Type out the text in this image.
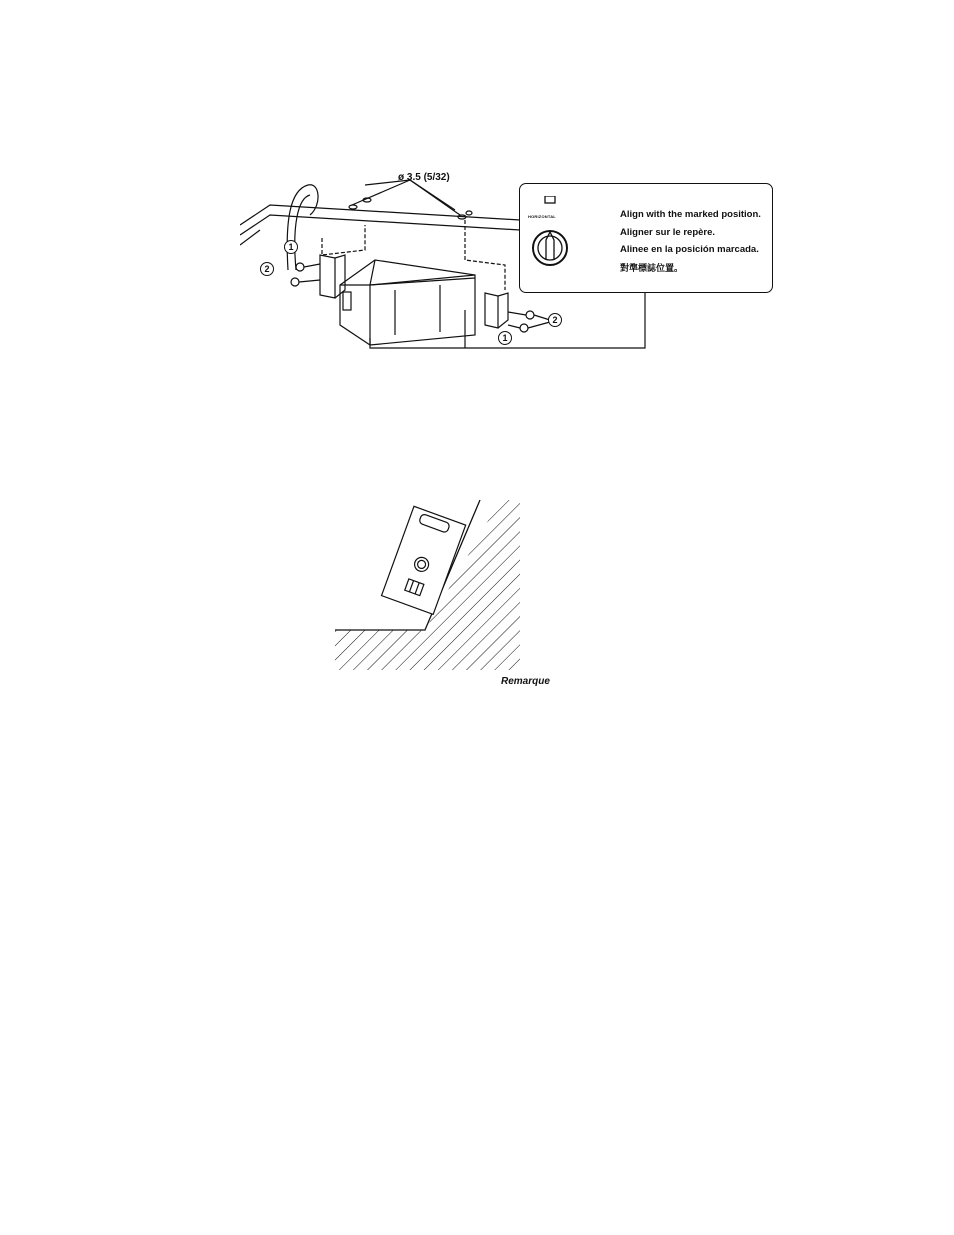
ø 3.5 (5/32)
1
2
2
1
HORIZONTAL	Align with the marked position.
Aligner sur le repère.
Alinee en la posición marcada.
對準標誌位置。
Remarque
